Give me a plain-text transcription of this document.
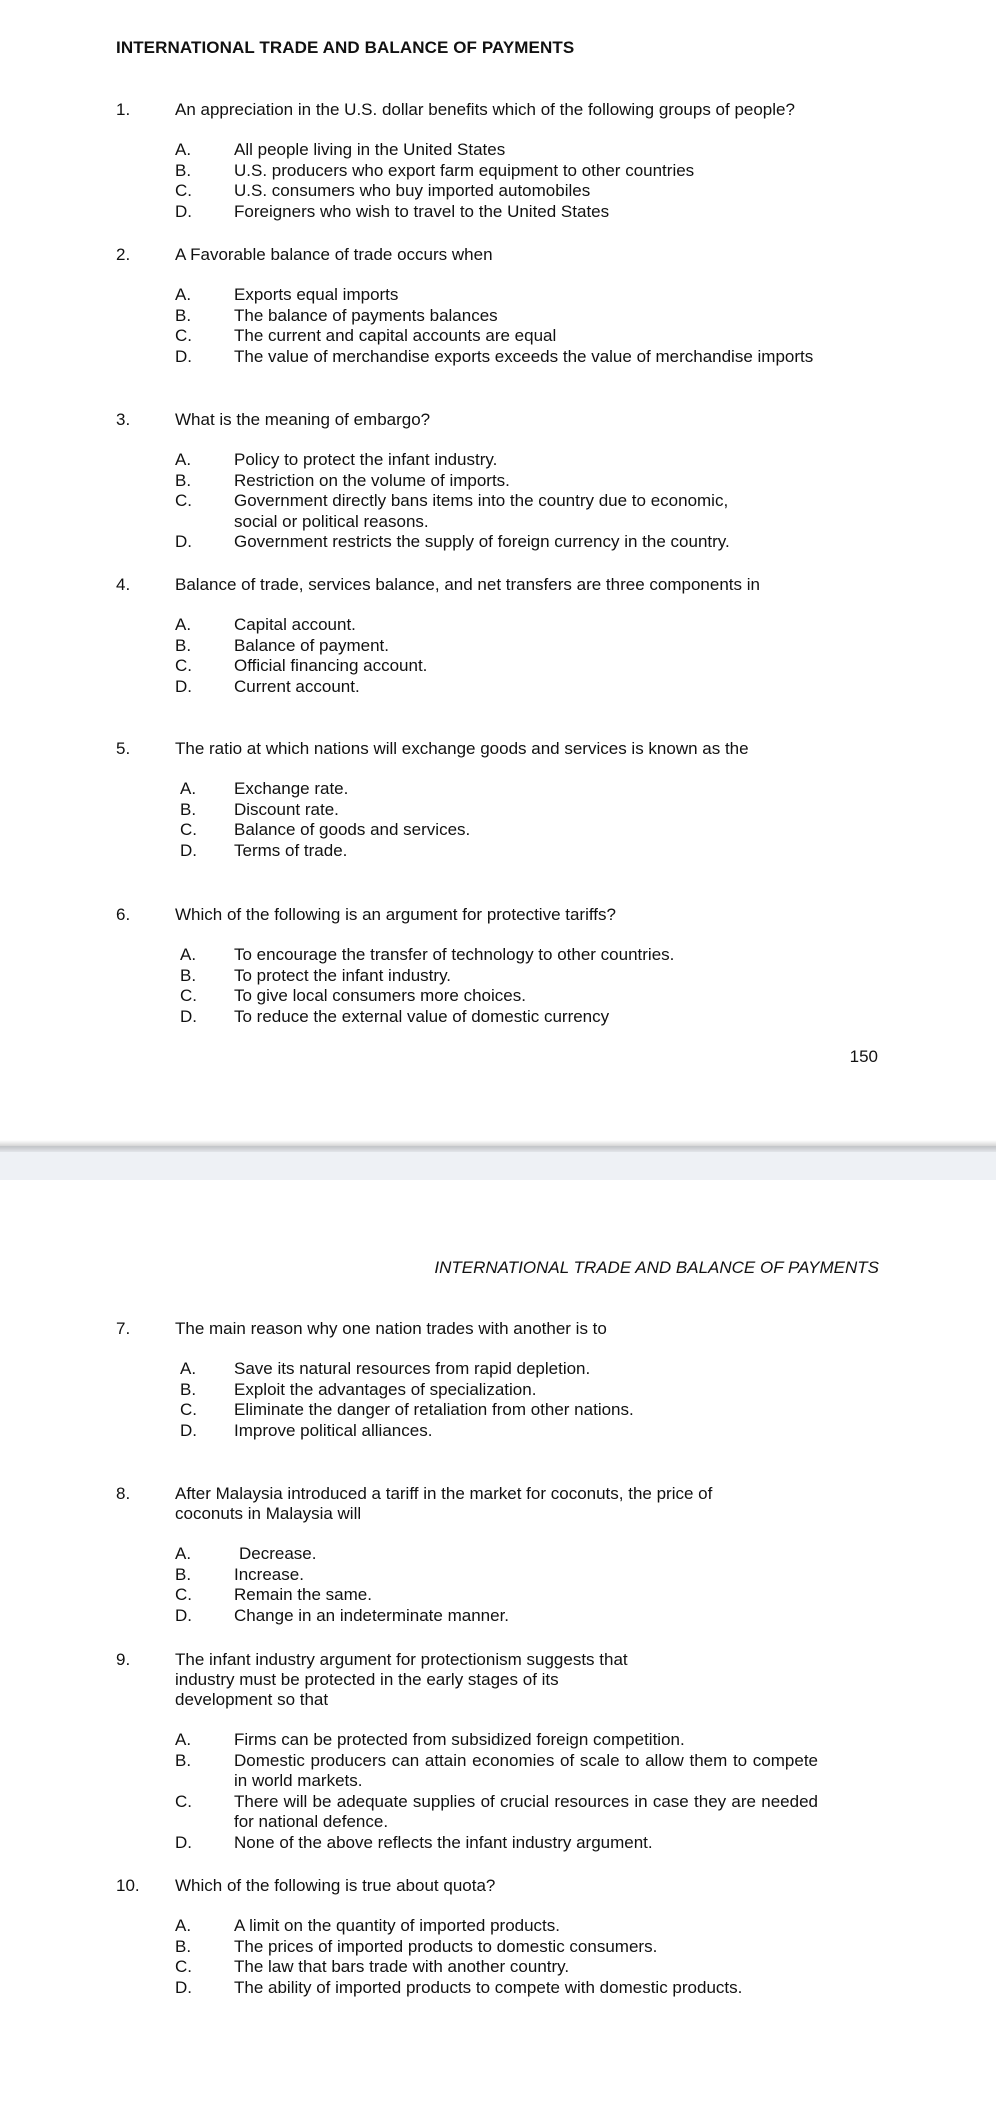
INTERNATIONAL TRADE AND BALANCE OF PAYMENTS
1.	An appreciation in the U.S. dollar benefits which of the following groups of people?
A.	All people living in the United States
B.	U.S. producers who export farm equipment to other countries
C.	U.S. consumers who buy imported automobiles
D.	Foreigners who wish to travel to the United States
2.	A Favorable balance of trade occurs when
A.	Exports equal imports
B.	The balance of payments balances
C.	The current and capital accounts are equal
D.	The value of merchandise exports exceeds the value of merchandise imports
3.	What is the meaning of embargo?
A.	Policy to protect the infant industry.
B.	Restriction on the volume of imports.
C.	Government directly bans items into the country due to economic, social or political reasons.
D.	Government restricts the supply of foreign currency in the country.
4.	Balance of trade, services balance, and net transfers are three components in
A.	Capital account.
B.	Balance of payment.
C.	Official financing account.
D.	Current account.
5.	The ratio at which nations will exchange goods and services is known as the
A.	Exchange rate.
B.	Discount rate.
C.	Balance of goods and services.
D.	Terms of trade.
6.	Which of the following is an argument for protective tariffs?
A.	To encourage the transfer of technology to other countries.
B.	To protect the infant industry.
C.	To give local consumers more choices.
D.	To reduce the external value of domestic currency
150
INTERNATIONAL TRADE AND BALANCE OF PAYMENTS
7.	The main reason why one nation trades with another is to
A.	Save its natural resources from rapid depletion.
B.	Exploit the advantages of specialization.
C.	Eliminate the danger of retaliation from other nations.
D.	Improve political alliances.
8.	After Malaysia introduced a tariff in the market for coconuts, the price of coconuts in Malaysia will
A.	Decrease.
B.	Increase.
C.	Remain the same.
D.	Change in an indeterminate manner.
9.	The infant industry argument for protectionism suggests that industry must be protected in the early stages of its development so that
A.	Firms can be protected from subsidized foreign competition.
B.	Domestic producers can attain economies of scale to allow them to compete in world markets.
C.	There will be adequate supplies of crucial resources in case they are needed for national defence.
D.	None of the above reflects the infant industry argument.
10.	Which of the following is true about quota?
A.	A limit on the quantity of imported products.
B.	The prices of imported products to domestic consumers.
C.	The law that bars trade with another country.
D.	The ability of imported products to compete with domestic products.
